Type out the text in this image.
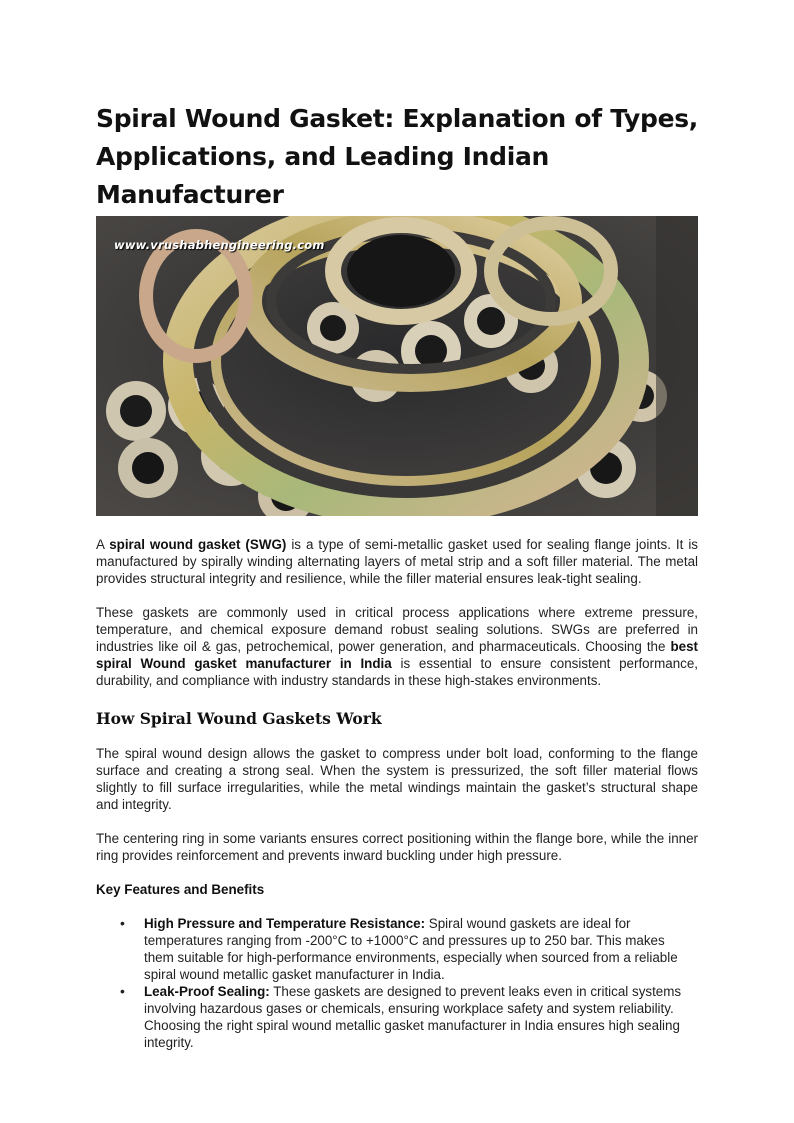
Spiral Wound Gasket: Explanation of Types, Applications, and Leading Indian Manufacturer
www.vrushabhengineering.com

A spiral wound gasket (SWG) is a type of semi-metallic gasket used for sealing flange joints. It is manufactured by spirally winding alternating layers of metal strip and a soft filler material. The metal provides structural integrity and resilience, while the filler material ensures leak-tight sealing.

These gaskets are commonly used in critical process applications where extreme pressure, temperature, and chemical exposure demand robust sealing solutions. SWGs are preferred in industries like oil & gas, petrochemical, power generation, and pharmaceuticals. Choosing the best spiral Wound gasket manufacturer in India is essential to ensure consistent performance, durability, and compliance with industry standards in these high-stakes environments.

How Spiral Wound Gaskets Work

The spiral wound design allows the gasket to compress under bolt load, conforming to the flange surface and creating a strong seal. When the system is pressurized, the soft filler material flows slightly to fill surface irregularities, while the metal windings maintain the gasket’s structural shape and integrity.

The centering ring in some variants ensures correct positioning within the flange bore, while the inner ring provides reinforcement and prevents inward buckling under high pressure.

Key Features and Benefits
• High Pressure and Temperature Resistance: Spiral wound gaskets are ideal for temperatures ranging from -200°C to +1000°C and pressures up to 250 bar. This makes them suitable for high-performance environments, especially when sourced from a reliable spiral wound metallic gasket manufacturer in India.
• Leak-Proof Sealing: These gaskets are designed to prevent leaks even in critical systems involving hazardous gases or chemicals, ensuring workplace safety and system reliability. Choosing the right spiral wound metallic gasket manufacturer in India ensures high sealing integrity.
